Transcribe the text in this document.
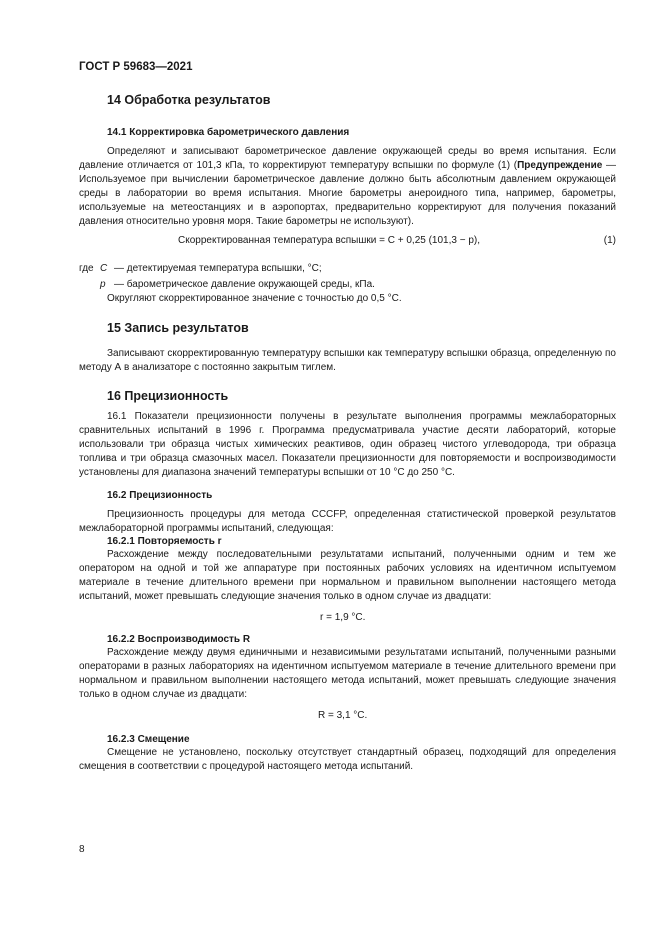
ГОСТ Р 59683—2021
14 Обработка результатов
14.1 Корректировка барометрического давления

Определяют и записывают барометрическое давление окружающей среды во время испытания. Если давление отличается от 101,3 кПа, то корректируют температуру вспышки по формуле (1) (Предупреждение — Используемое при вычислении барометрическое давление должно быть абсолютным давлением окружающей среды в лаборатории во время испытания. Многие барометры анероидного типа, например, барометры, используемые на метеостанциях и в аэропортах, предварительно корректируют для получения показаний давления относительно уровня моря. Такие барометры не используют).

Скорректированная температура вспышки = C + 0,25 (101,3 − p),	(1)
где C — детектируемая температура вспышки, °C;
p — барометрическое давление окружающей среды, кПа.
Округляют скорректированное значение с точностью до 0,5 °C.
15 Запись результатов

Записывают скорректированную температуру вспышки как температуру вспышки образца, определенную по методу А в анализаторе с постоянно закрытым тиглем.

16 Прецизионность

16.1 Показатели прецизионности получены в результате выполнения программы межлабораторных сравнительных испытаний в 1996 г. Программа предусматривала участие десяти лабораторий, которые использовали три образца чистых химических реактивов, один образец чистого углеводорода, три образца топлива и три образца смазочных масел. Показатели прецизионности для повторяемости и воспроизводимости установлены для диапазона значений температуры вспышки от 10 °C до 250 °C.

16.2 Прецизионность

Прецизионность процедуры для метода CCCFP, определенная статистической проверкой результатов межлабораторной программы испытаний, следующая:

16.2.1 Повторяемость r

Расхождение между последовательными результатами испытаний, полученными одним и тем же оператором на одной и той же аппаратуре при постоянных рабочих условиях на идентичном испытуемом материале в течение длительного времени при нормальном и правильном выполнении настоящего метода испытаний, может превышать следующие значения только в одном случае из двадцати:

r = 1,9 °C.
16.2.2 Воспроизводимость R

Расхождение между двумя единичными и независимыми результатами испытаний, полученными разными операторами в разных лабораториях на идентичном испытуемом материале в течение длительного времени при нормальном и правильном выполнении настоящего метода испытаний, может превышать следующие значения только в одном случае из двадцати:

R = 3,1 °C.
16.2.3 Смещение

Смещение не установлено, поскольку отсутствует стандартный образец, подходящий для определения смещения в соответствии с процедурой настоящего метода испытаний.

8
